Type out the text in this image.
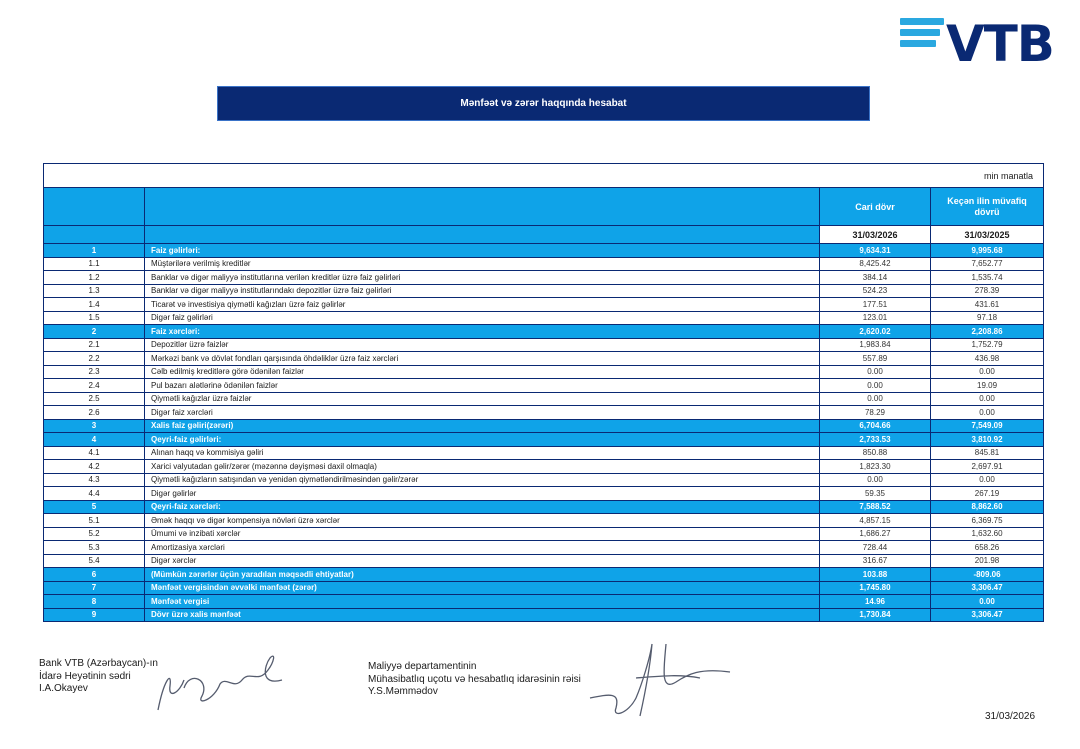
VTB
Mənfəət və zərər haqqında hesabat
min manatla			
		Cari dövr	Keçən ilin müvafiq dövrü
		31/03/2026	31/03/2025
1	Faiz gəlirləri:	9,634.31	9,995.68
1.1	Müştərilərə verilmiş kreditlər	8,425.42	7,652.77
1.2	Banklar və digər maliyyə institutlarına verilən kreditlər üzrə faiz gəlirləri	384.14	1,535.74
1.3	Banklar və digər maliyyə institutlarındakı depozitlər üzrə faiz gəlirləri	524.23	278.39
1.4	Ticarət və investisiya qiymətli kağızları üzrə faiz gəlirlər	177.51	431.61
1.5	Digər faiz gəlirləri	123.01	97.18
2	Faiz xərcləri:	2,620.02	2,208.86
2.1	Depozitlər üzrə faizlər	1,983.84	1,752.79
2.2	Mərkəzi bank və dövlət fondları qarşısında öhdəliklər üzrə faiz xərcləri	557.89	436.98
2.3	Cəlb edilmiş kreditlərə görə ödənilən faizlər	0.00	0.00
2.4	Pul bazarı alətlərinə ödənilən faizlər	0.00	19.09
2.5	Qiymətli kağızlar üzrə faizlər	0.00	0.00
2.6	Digər faiz xərcləri	78.29	0.00
3	Xalis faiz gəliri(zərəri)	6,704.66	7,549.09
4	Qeyri-faiz gəlirləri:	2,733.53	3,810.92
4.1	Alınan haqq və kommisiya gəliri	850.88	845.81
4.2	Xarici valyutadan gəlir/zərər (məzənnə dəyişməsi daxil olmaqla)	1,823.30	2,697.91
4.3	Qiymətli kağızların satışından və yenidən qiymətləndirilməsindən gəlir/zərər	0.00	0.00
4.4	Digər gəlirlər	59.35	267.19
5	Qeyri-faiz xərcləri:	7,588.52	8,862.60
5.1	Əmək haqqı və digər kompensiya növləri üzrə xərclər	4,857.15	6,369.75
5.2	Ümumi və inzibati xərclər	1,686.27	1,632.60
5.3	Amortizasiya xərcləri	728.44	658.26
5.4	Digər xərclər	316.67	201.98
6	(Mümkün zərərlər üçün yaradılan məqsədli ehtiyatlar)	103.88	-809.06
7	Mənfəət vergisindən əvvəlki mənfəət (zərər)	1,745.80	3,306.47
8	Mənfəət vergisi	14.96	0.00
9	Dövr üzrə xalis mənfəət	1,730.84	3,306.47
Bank VTB (Azərbaycan)-ın
İdarə Heyətinin sədri
I.A.Okayev
Maliyyə departamentinin
Mühasibatlıq uçotu və hesabatlıq idarəsinin rəisi
Y.S.Məmmədov
31/03/2026
